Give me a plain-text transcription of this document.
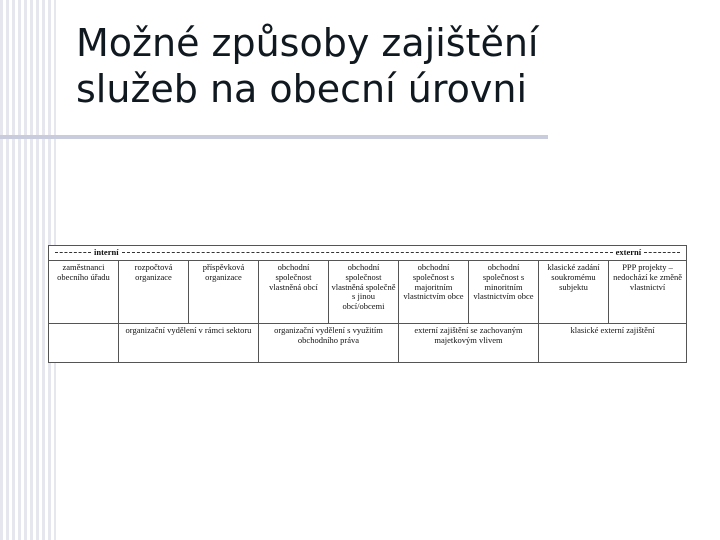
Možné způsoby zajištění
služeb na obecní úrovni
interní externí								

zaměstnanci obecního úřadu	rozpočtová organizace	příspěvková organizace	obchodní společnost vlastněná obcí	obchodní společnost vlastněná společně s jinou obcí/obcemi	obchodní společnost s majoritním vlastnictvím obce	obchodní společnost s minoritním vlastnictvím obce	klasické zadání soukromému subjektu	PPP projekty – nedochází ke změně vlastnictví
	organizační vydělení v rámci sektoru		organizační vydělení s využitím obchodního práva		externí zajištění se zachovaným majetkovým vlivem		klasické externí zajištění	
